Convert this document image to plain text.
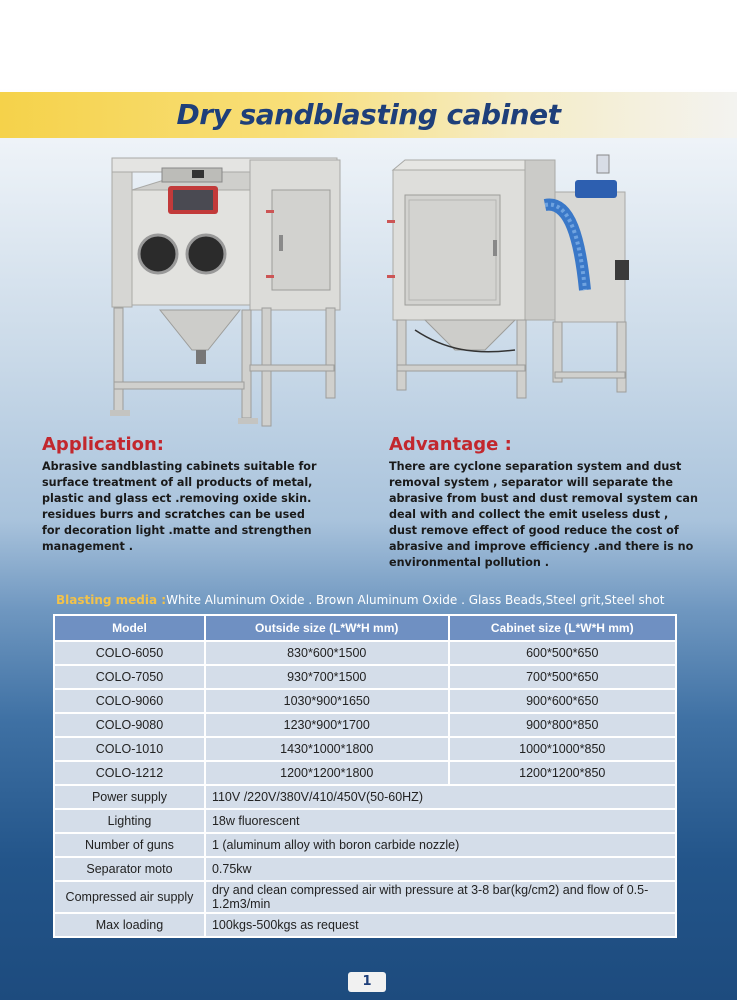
Dry sandblasting cabinet
Application:
Abrasive sandblasting cabinets suitable for
surface treatment of all products of metal,
plastic and glass ect .removing oxide skin.
residues burrs and scratches can be used
for decoration light .matte and strengthen
management .
Advantage :
There are cyclone separation system and dust
removal system , separator will separate the
abrasive from bust and dust removal system can
deal with and collect the emit useless dust ,
dust remove effect of good reduce the cost of
abrasive and improve efficiency .and there is no
environmental pollution .
Blasting media :White Aluminum Oxide . Brown Aluminum Oxide . Glass Beads,Steel grit,Steel shot
Model	Outside size (L*W*H mm)	Cabinet size (L*W*H mm)
COLO-6050	830*600*1500	600*500*650
COLO-7050	930*700*1500	700*500*650
COLO-9060	1030*900*1650	900*600*650
COLO-9080	1230*900*1700	900*800*850
COLO-1010	1430*1000*1800	1000*1000*850
COLO-1212	1200*1200*1800	1200*1200*850
Power supply	110V /220V/380V/410/450V(50-60HZ)	
Lighting	18w fluorescent	
Number of guns	1 (aluminum alloy with boron carbide nozzle)	
Separator moto	0.75kw	
Compressed air supply	dry and clean compressed air with pressure at 3-8 bar(kg/cm2) and flow of 0.5-1.2m3/min	
Max loading	100kgs-500kgs as request	
1
